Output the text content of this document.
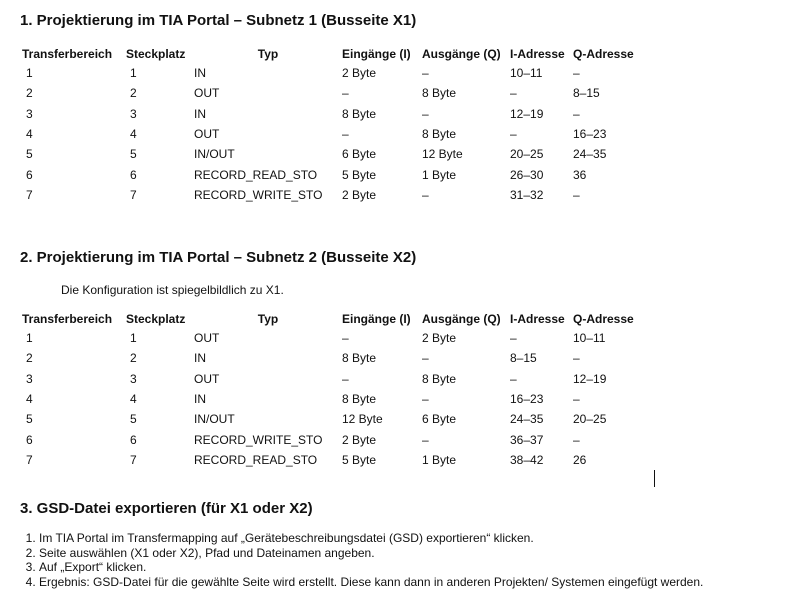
1. Projektierung im TIA Portal – Subnetz 1 (Busseite X1)
Transferbereich	Steckplatz	Typ	Eingänge (I)	Ausgänge (Q)	I-Adresse	Q-Adresse
1	1	IN	2 Byte	–	10–11	–
2	2	OUT	–	8 Byte	–	8–15
3	3	IN	8 Byte	–	12–19	–
4	4	OUT	–	8 Byte	–	16–23
5	5	IN/OUT	6 Byte	12 Byte	20–25	24–35
6	6	RECORD_READ_STO	5 Byte	1 Byte	26–30	36
7	7	RECORD_WRITE_STO	2 Byte	–	31–32	–
2. Projektierung im TIA Portal – Subnetz 2 (Busseite X2)

Die Konfiguration ist spiegelbildlich zu X1.

Transferbereich	Steckplatz	Typ	Eingänge (I)	Ausgänge (Q)	I-Adresse	Q-Adresse
1	1	OUT	–	2 Byte	–	10–11
2	2	IN	8 Byte	–	8–15	–
3	3	OUT	–	8 Byte	–	12–19
4	4	IN	8 Byte	–	16–23	–
5	5	IN/OUT	12 Byte	6 Byte	24–35	20–25
6	6	RECORD_WRITE_STO	2 Byte	–	36–37	–
7	7	RECORD_READ_STO	5 Byte	1 Byte	38–42	26
3. GSD-Datei exportieren (für X1 oder X2)
1. Im TIA Portal im Transfermapping auf „Gerätebeschreibungsdatei (GSD) exportieren“ klicken.
2. Seite auswählen (X1 oder X2), Pfad und Dateinamen angeben.
3. Auf „Export“ klicken.
4. Ergebnis: GSD-Datei für die gewählte Seite wird erstellt. Diese kann dann in anderen Projekten/ Systemen eingefügt werden.
